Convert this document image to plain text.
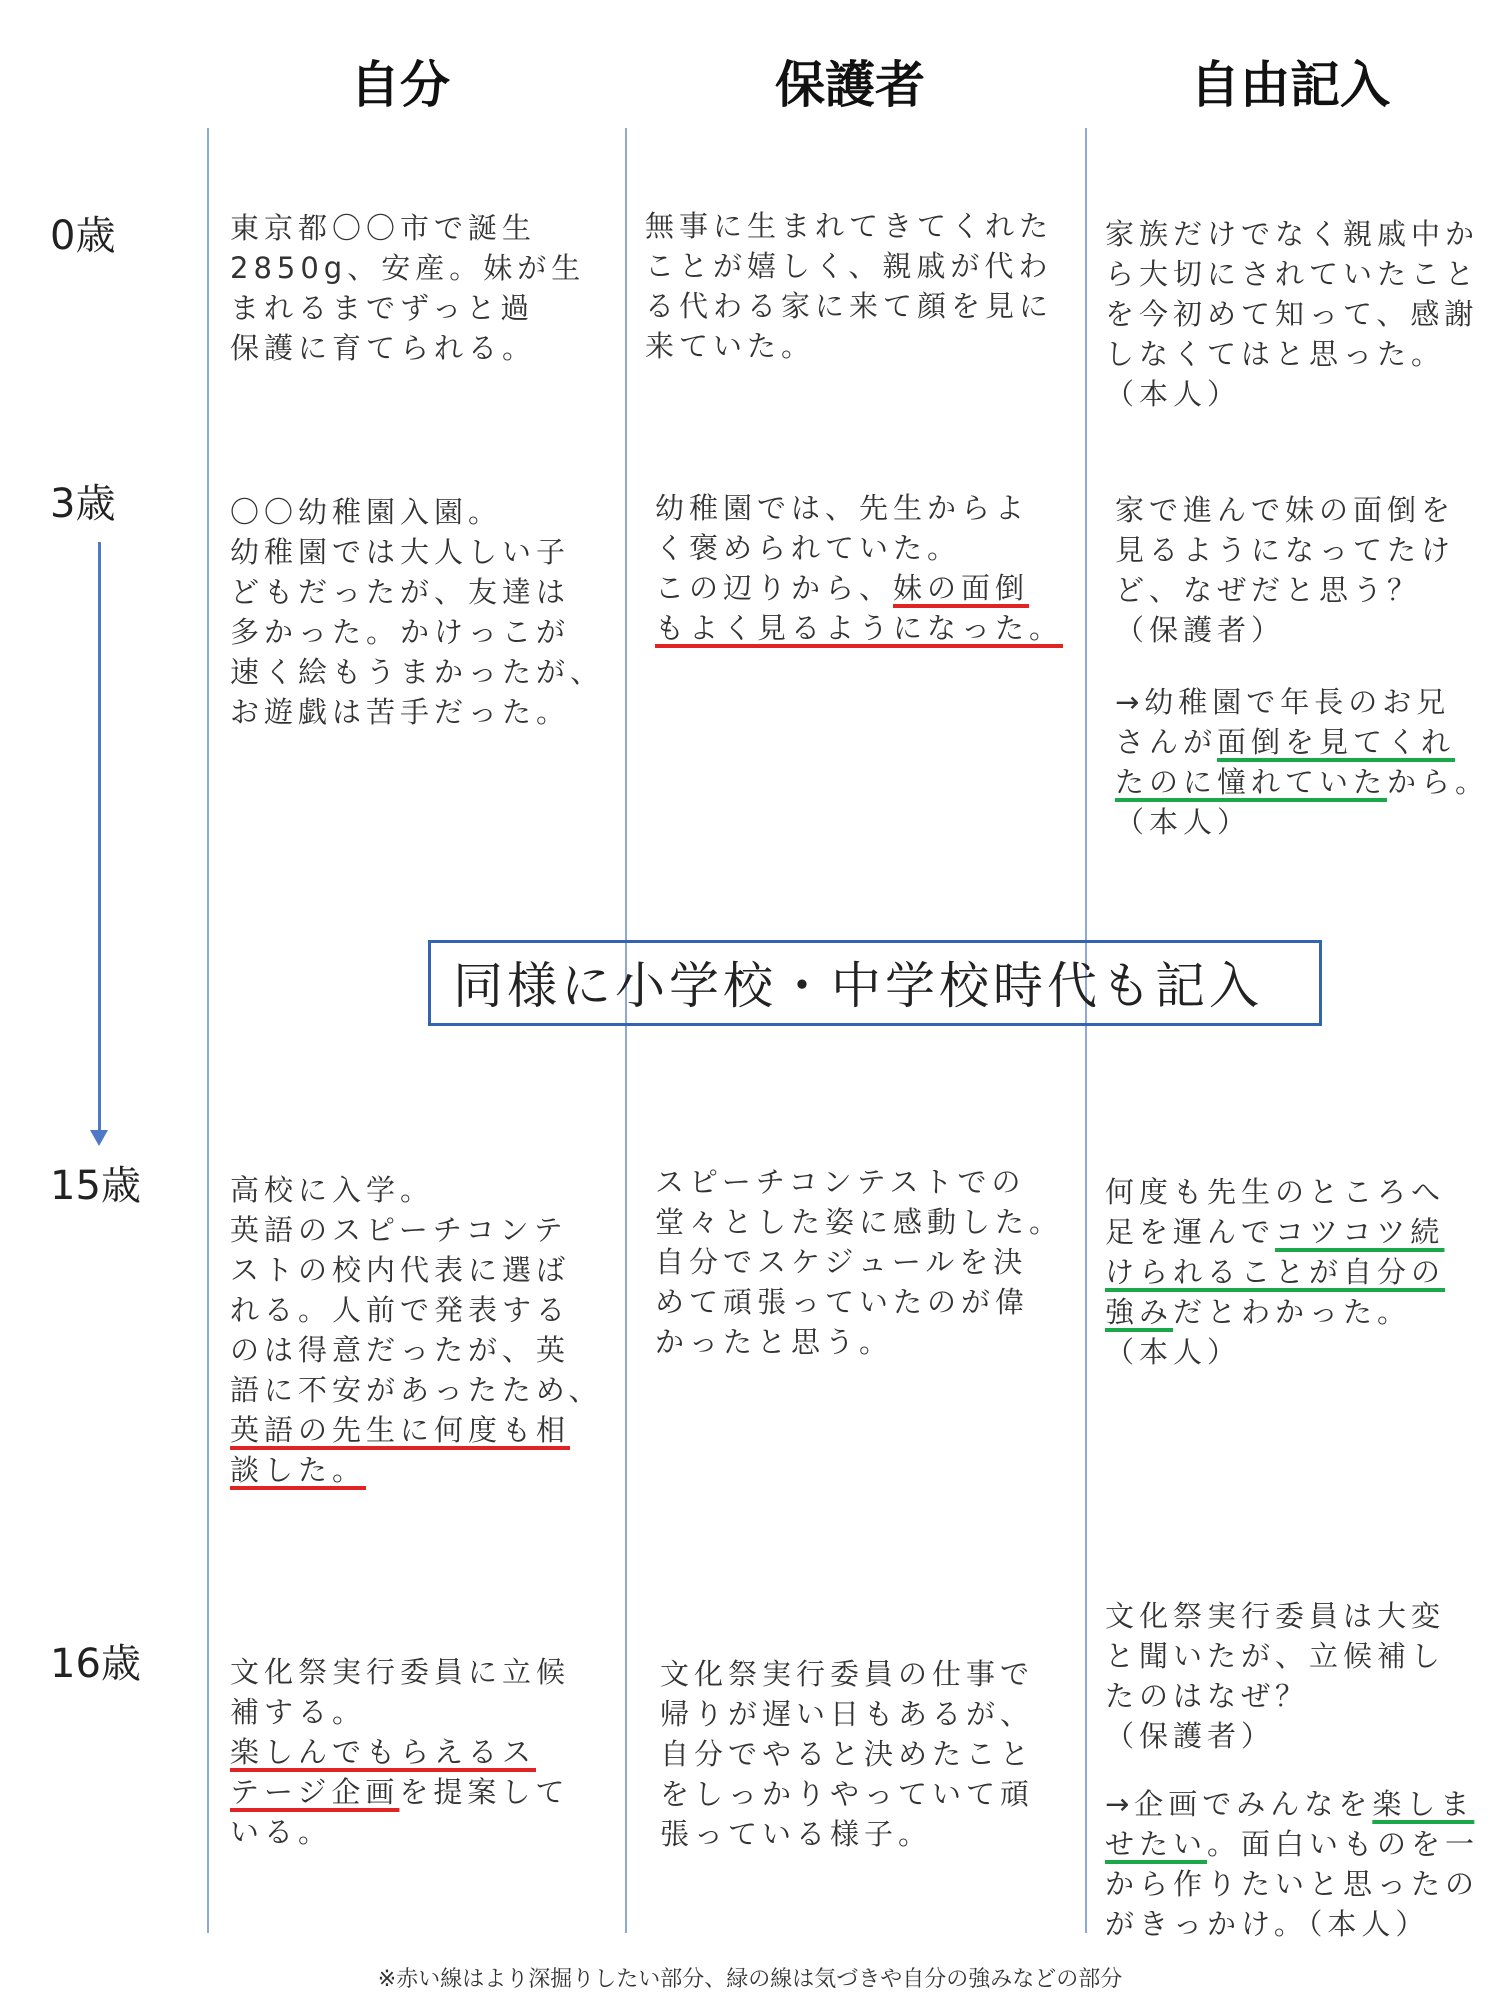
自分	保護者	自由記入
0歳
3歳
15歳
16歳
東京都〇〇市で誕生
2850g、安産。妹が生
まれるまでずっと過
保護に育てられる。
無事に生まれてきてくれた
ことが嬉しく、親戚が代わ
る代わる家に来て顔を見に
来ていた。
家族だけでなく親戚中か
ら大切にされていたこと
を今初めて知って、感謝
しなくてはと思った。
（本人）
〇〇幼稚園入園。
幼稚園では大人しい子
どもだったが、友達は
多かった。かけっこが
速く絵もうまかったが、
お遊戯は苦手だった。
幼稚園では、先生からよ
く褒められていた。
この辺りから、妹の面倒
もよく見るようになった。
家で進んで妹の面倒を
見るようになってたけ
ど、なぜだと思う？
（保護者）
→幼稚園で年長のお兄
さんが面倒を見てくれ
たのに憧れていたから。
（本人）
同様に小学校・中学校時代も記入
高校に入学。
英語のスピーチコンテ
ストの校内代表に選ば
れる。人前で発表する
のは得意だったが、英
語に不安があったため、
英語の先生に何度も相
談した。
スピーチコンテストでの
堂々とした姿に感動した。
自分でスケジュールを決
めて頑張っていたのが偉
かったと思う。
何度も先生のところへ
足を運んでコツコツ続
けられることが自分の
強みだとわかった。
（本人）
文化祭実行委員に立候
補する。
楽しんでもらえるス
テージ企画を提案して
いる。
文化祭実行委員の仕事で
帰りが遅い日もあるが、
自分でやると決めたこと
をしっかりやっていて頑
張っている様子。
文化祭実行委員は大変
と聞いたが、立候補し
たのはなぜ？
（保護者）
→企画でみんなを楽しま
せたい。面白いものを一
から作りたいと思ったの
がきっかけ。（本人）
※赤い線はより深掘りしたい部分、緑の線は気づきや自分の強みなどの部分
